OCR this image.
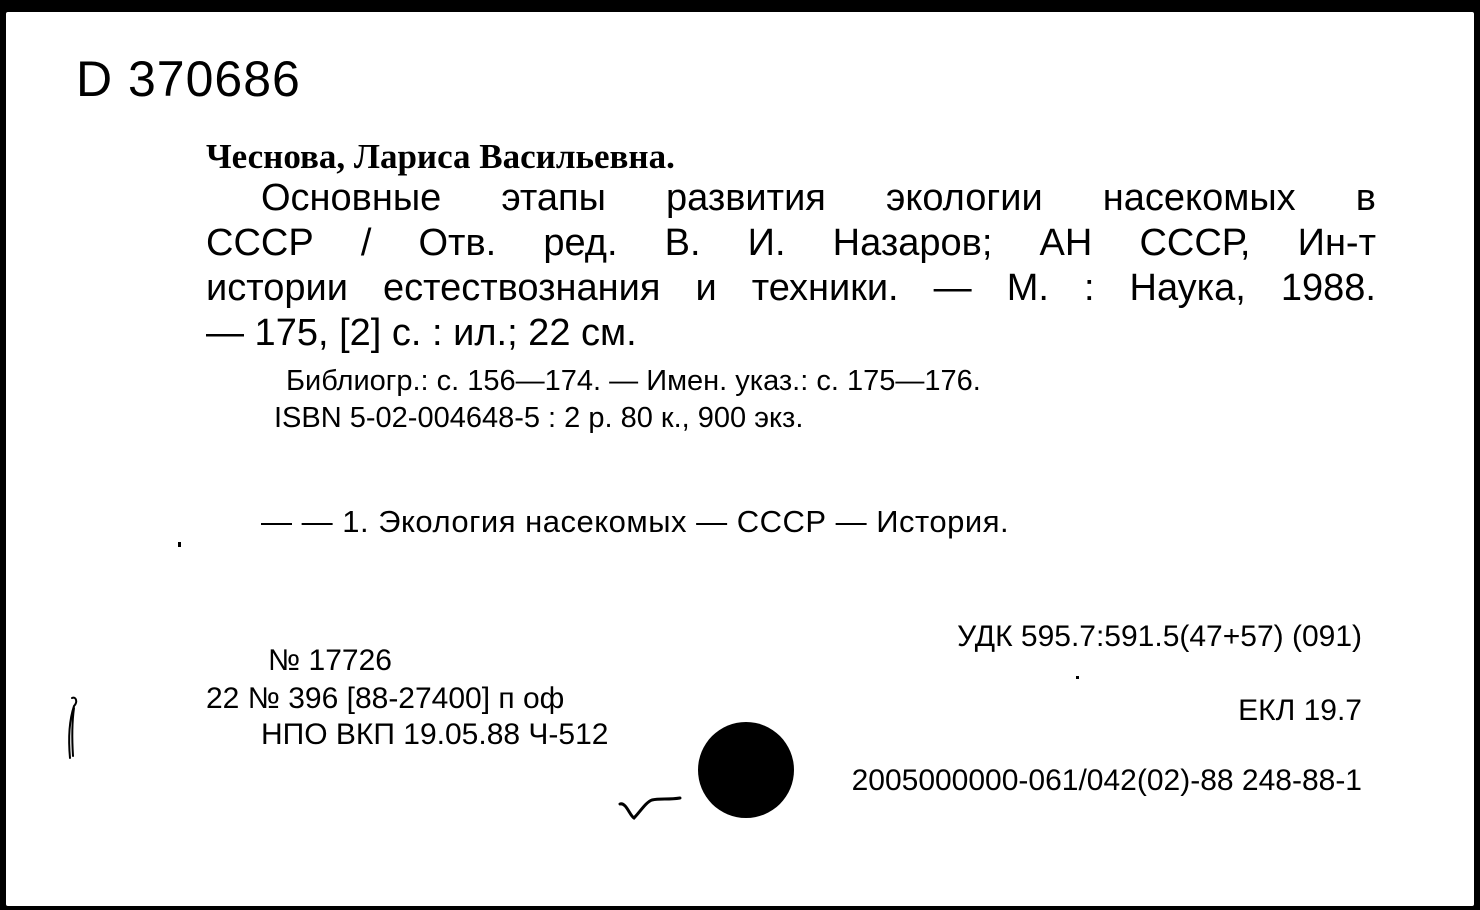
D 370686
Чеснова, Лариса Васильевна.
Основные этапы развития экологии насекомых в
СССР / Отв. ред. В. И. Назаров; АН СССР, Ин-т
истории естествознания и техники. — М. : Наука, 1988.
— 175, [2] с. : ил.; 22 см.
Библиогр.: с. 156—174. — Имен. указ.: с. 175—176.
ISBN 5-02-004648-5 : 2 р. 80 к., 900 экз.
— — 1. Экология насекомых — СССР — История.
№ 17726
22 № 396 [88-27400] п оф
НПО ВКП 19.05.88 Ч-512
УДК 595.7:591.5(47+57) (091)
ЕКЛ 19.7
2005000000-061/042(02)-88 248-88-1
